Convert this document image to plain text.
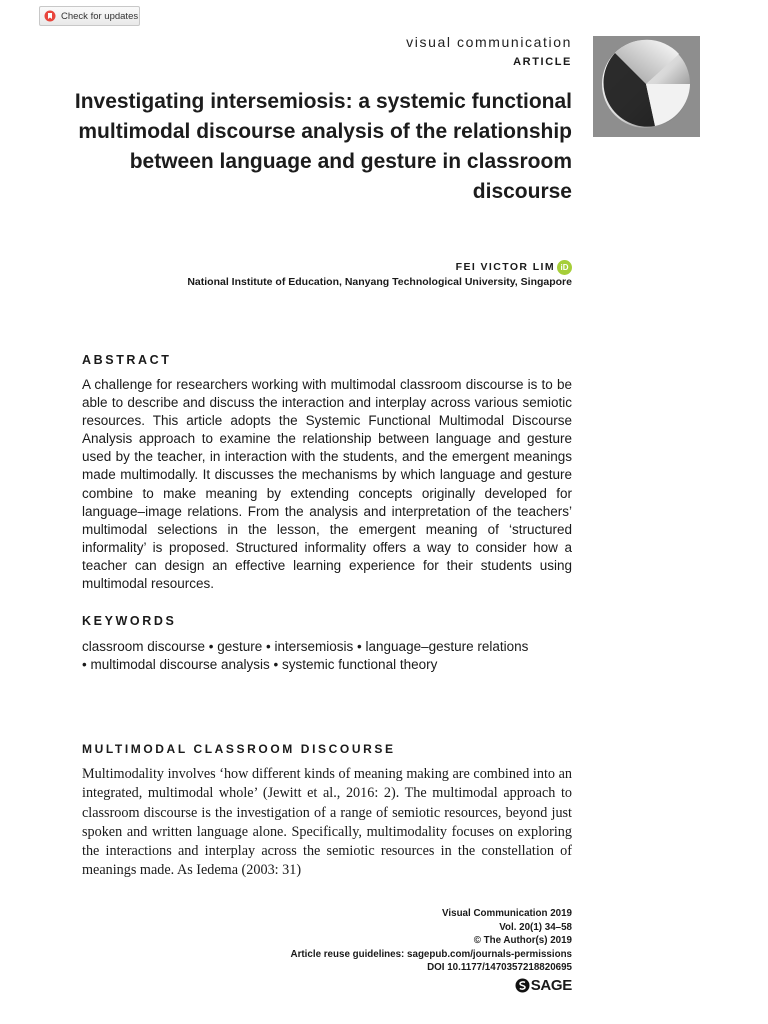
Check for updates
visual communication
ARTICLE
Investigating intersemiosis: a systemic functional multimodal discourse analysis of the relationship between language and gesture in classroom discourse
FEI VICTOR LIM iD
National Institute of Education, Nanyang Technological University, Singapore
ABSTRACT
A challenge for researchers working with multimodal classroom discourse is to be able to describe and discuss the interaction and interplay across various semiotic resources. This article adopts the Systemic Functional Multimodal Discourse Analysis approach to examine the relationship between language and gesture used by the teacher, in interaction with the students, and the emergent meanings made multimodally. It discusses the mechanisms by which language and gesture combine to make meaning by extending concepts originally developed for language–image relations. From the analysis and interpretation of the teachers’ multimodal selections in the lesson, the emergent meaning of ‘structured informality’ is proposed. Structured informality offers a way to consider how a teacher can design an effective learning experience for their students using multimodal resources.
KEYWORDS
classroom discourse • gesture • intersemiosis • language–gesture relations
• multimodal discourse analysis • systemic functional theory
MULTIMODAL CLASSROOM DISCOURSE
Multimodality involves ‘how different kinds of meaning making are combined into an integrated, multimodal whole’ (Jewitt et al., 2016: 2). The multimodal approach to classroom discourse is the investigation of a range of semiotic resources, beyond just spoken and written language alone. Specifically, multimodality focuses on exploring the interactions and interplay across the semiotic resources in the constellation of meanings made. As Iedema (2003: 31)
Visual Communication 2019
Vol. 20(1) 34–58
© The Author(s) 2019
Article reuse guidelines: sagepub.com/journals-permissions
DOI 10.1177/1470357218820695
SAGE
